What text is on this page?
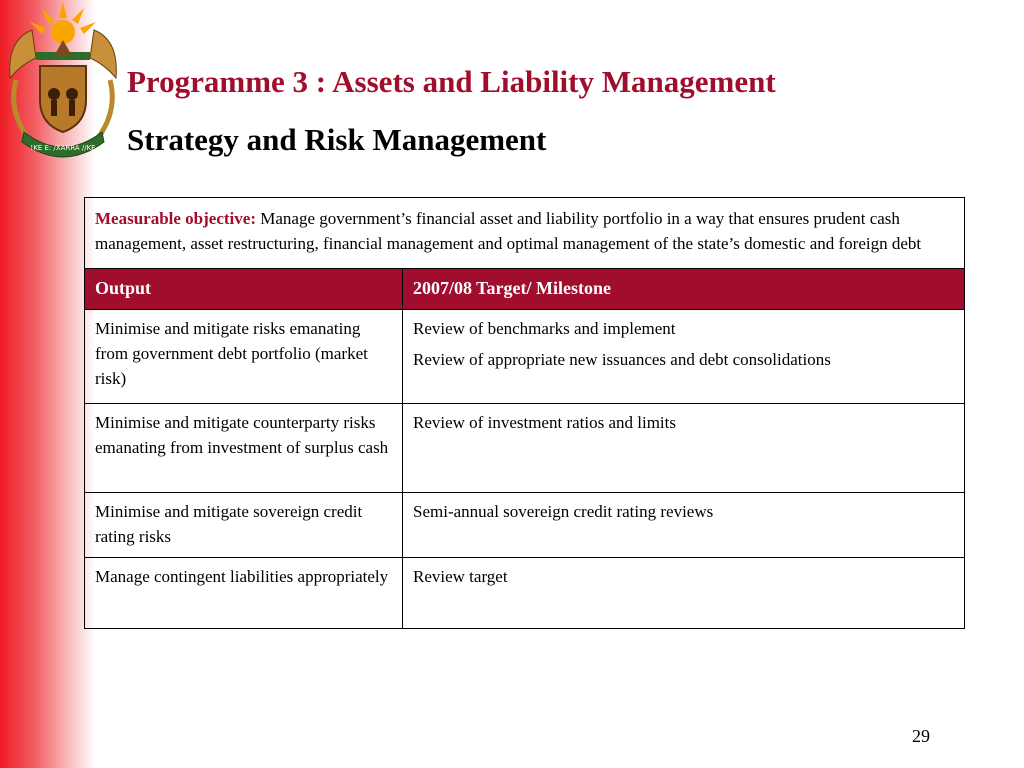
!KE E: /XARRA //KE
Programme 3 : Assets and Liability Management
Strategy and Risk Management
Measurable objective: Manage government’s financial asset and liability portfolio in a way that ensures prudent cash management, asset restructuring, financial management and optimal management of the state’s domestic and foreign debt	
Output	2007/08 Target/ Milestone
Minimise and mitigate risks emanating from government debt portfolio (market risk)	Review of benchmarks and implement
Review of appropriate new issuances and debt consolidations

Minimise and mitigate counterparty risks emanating from investment of surplus cash	Review of investment ratios and limits

Minimise and mitigate sovereign credit rating risks	Semi-annual sovereign credit rating reviews

Manage contingent liabilities appropriately	Review target
29
